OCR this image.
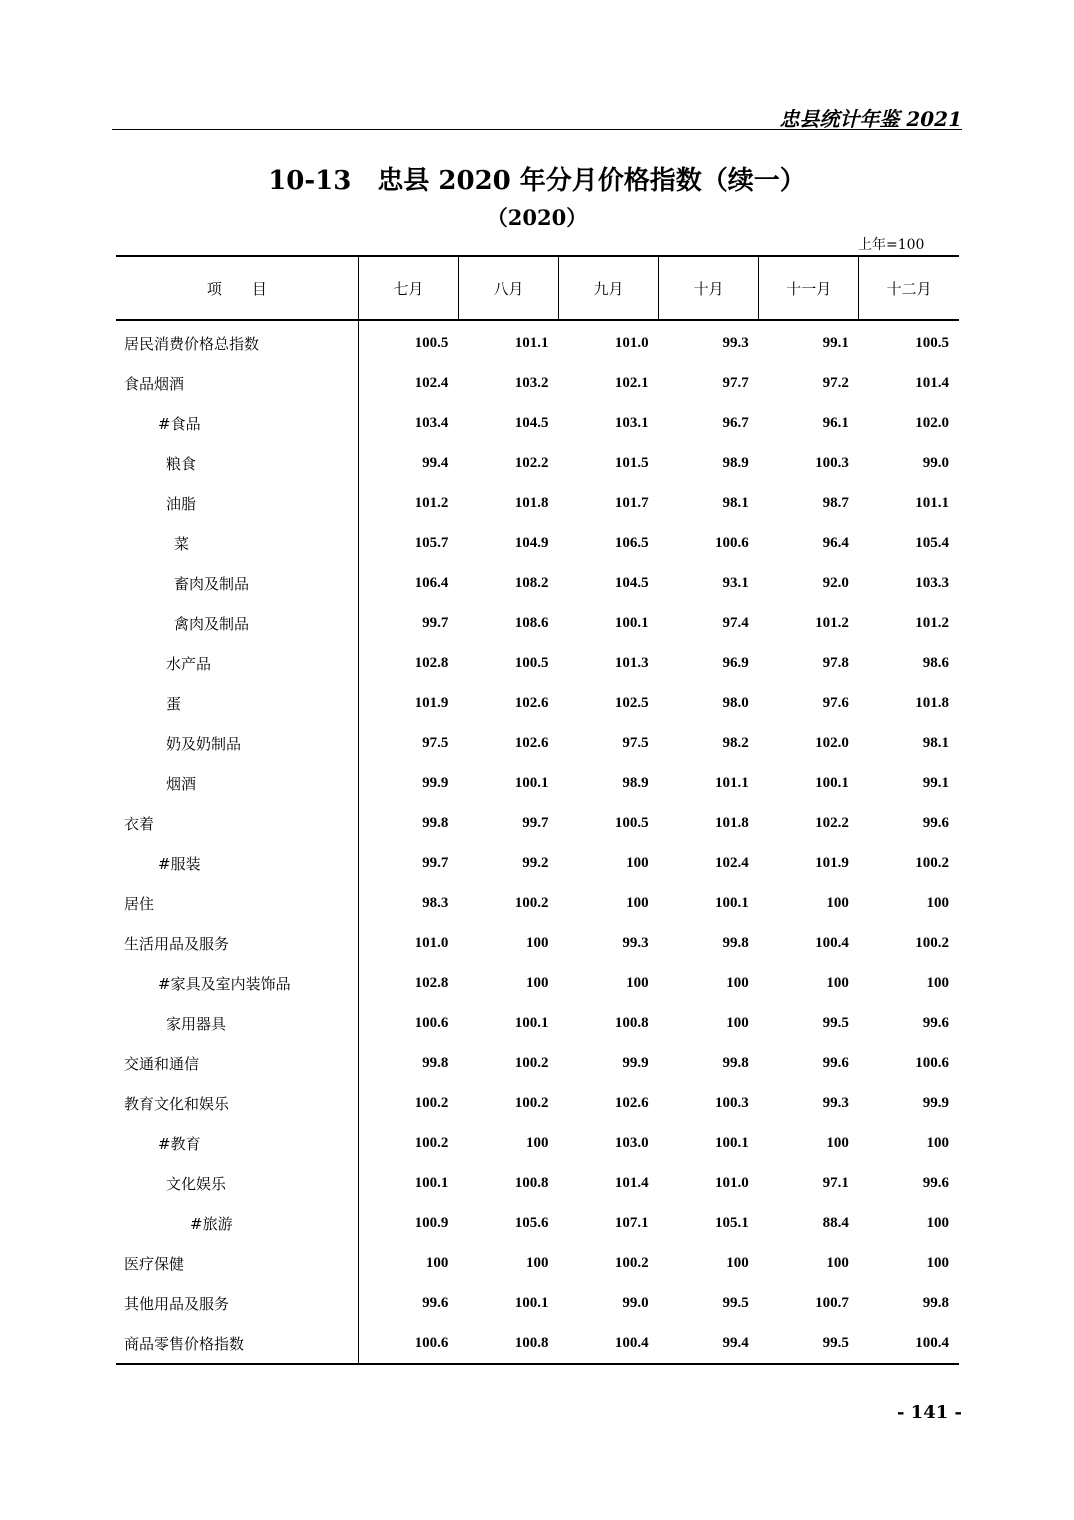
忠县统计年鉴 2021
10-13 忠县 2020 年分月价格指数（续一）
（2020）
上年=100
项　　目	七月	八月	九月	十月	十一月	十二月
居民消费价格总指数	100.5	101.1	101.0	99.3	99.1	100.5
食品烟酒	102.4	103.2	102.1	97.7	97.2	101.4
#食品	103.4	104.5	103.1	96.7	96.1	102.0
粮食	99.4	102.2	101.5	98.9	100.3	99.0
油脂	101.2	101.8	101.7	98.1	98.7	101.1
菜	105.7	104.9	106.5	100.6	96.4	105.4
畜肉及制品	106.4	108.2	104.5	93.1	92.0	103.3
禽肉及制品	99.7	108.6	100.1	97.4	101.2	101.2
水产品	102.8	100.5	101.3	96.9	97.8	98.6
蛋	101.9	102.6	102.5	98.0	97.6	101.8
奶及奶制品	97.5	102.6	97.5	98.2	102.0	98.1
烟酒	99.9	100.1	98.9	101.1	100.1	99.1
衣着	99.8	99.7	100.5	101.8	102.2	99.6
#服装	99.7	99.2	100	102.4	101.9	100.2
居住	98.3	100.2	100	100.1	100	100
生活用品及服务	101.0	100	99.3	99.8	100.4	100.2
#家具及室内装饰品	102.8	100	100	100	100	100
家用器具	100.6	100.1	100.8	100	99.5	99.6
交通和通信	99.8	100.2	99.9	99.8	99.6	100.6
教育文化和娱乐	100.2	100.2	102.6	100.3	99.3	99.9
#教育	100.2	100	103.0	100.1	100	100
文化娱乐	100.1	100.8	101.4	101.0	97.1	99.6
#旅游	100.9	105.6	107.1	105.1	88.4	100
医疗保健	100	100	100.2	100	100	100
其他用品及服务	99.6	100.1	99.0	99.5	100.7	99.8
商品零售价格指数	100.6	100.8	100.4	99.4	99.5	100.4
- 141 -
